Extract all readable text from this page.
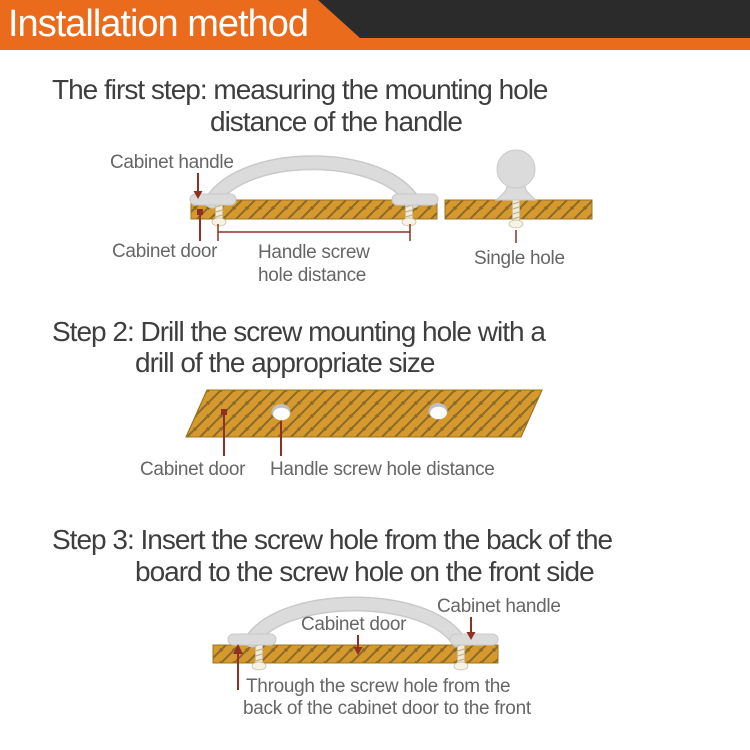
Installation method
The first step: measuring the mounting hole
distance of the handle
Step 2: Drill the screw mounting hole with a
drill of the appropriate size
Step 3: Insert the screw hole from the back of the
board to the screw hole on the front side
Cabinet handle
Cabinet door Handle screw
hole distance
Single hole
Cabinet door Handle screw hole distance
Cabinet handle
Cabinet door
Through the screw hole from the
back of the cabinet door to the front
